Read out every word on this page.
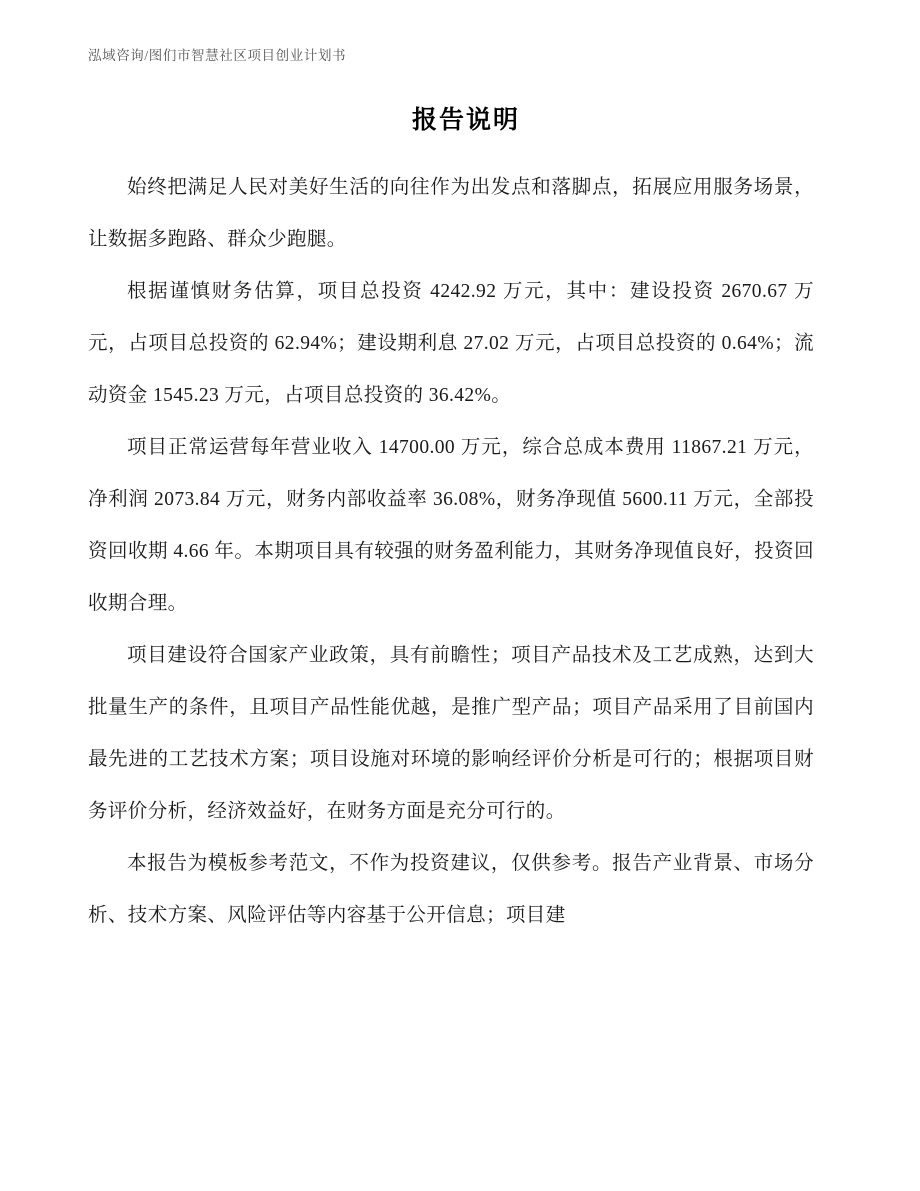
泓域咨询/图们市智慧社区项目创业计划书
报告说明

始终把满足人民对美好生活的向往作为出发点和落脚点，拓展应用服务场景，让数据多跑路、群众少跑腿。

根据谨慎财务估算，项目总投资 4242.92 万元，其中：建设投资 2670.67 万元，占项目总投资的 62.94%；建设期利息 27.02 万元，占项目总投资的 0.64%；流动资金 1545.23 万元，占项目总投资的 36.42%。

项目正常运营每年营业收入 14700.00 万元，综合总成本费用 11867.21 万元，净利润 2073.84 万元，财务内部收益率 36.08%，财务净现值 5600.11 万元，全部投资回收期 4.66 年。本期项目具有较强的财务盈利能力，其财务净现值良好，投资回收期合理。

项目建设符合国家产业政策，具有前瞻性；项目产品技术及工艺成熟，达到大批量生产的条件，且项目产品性能优越，是推广型产品；项目产品采用了目前国内最先进的工艺技术方案；项目设施对环境的影响经评价分析是可行的；根据项目财务评价分析，经济效益好，在财务方面是充分可行的。

本报告为模板参考范文，不作为投资建议，仅供参考。报告产业背景、市场分析、技术方案、风险评估等内容基于公开信息；项目建
